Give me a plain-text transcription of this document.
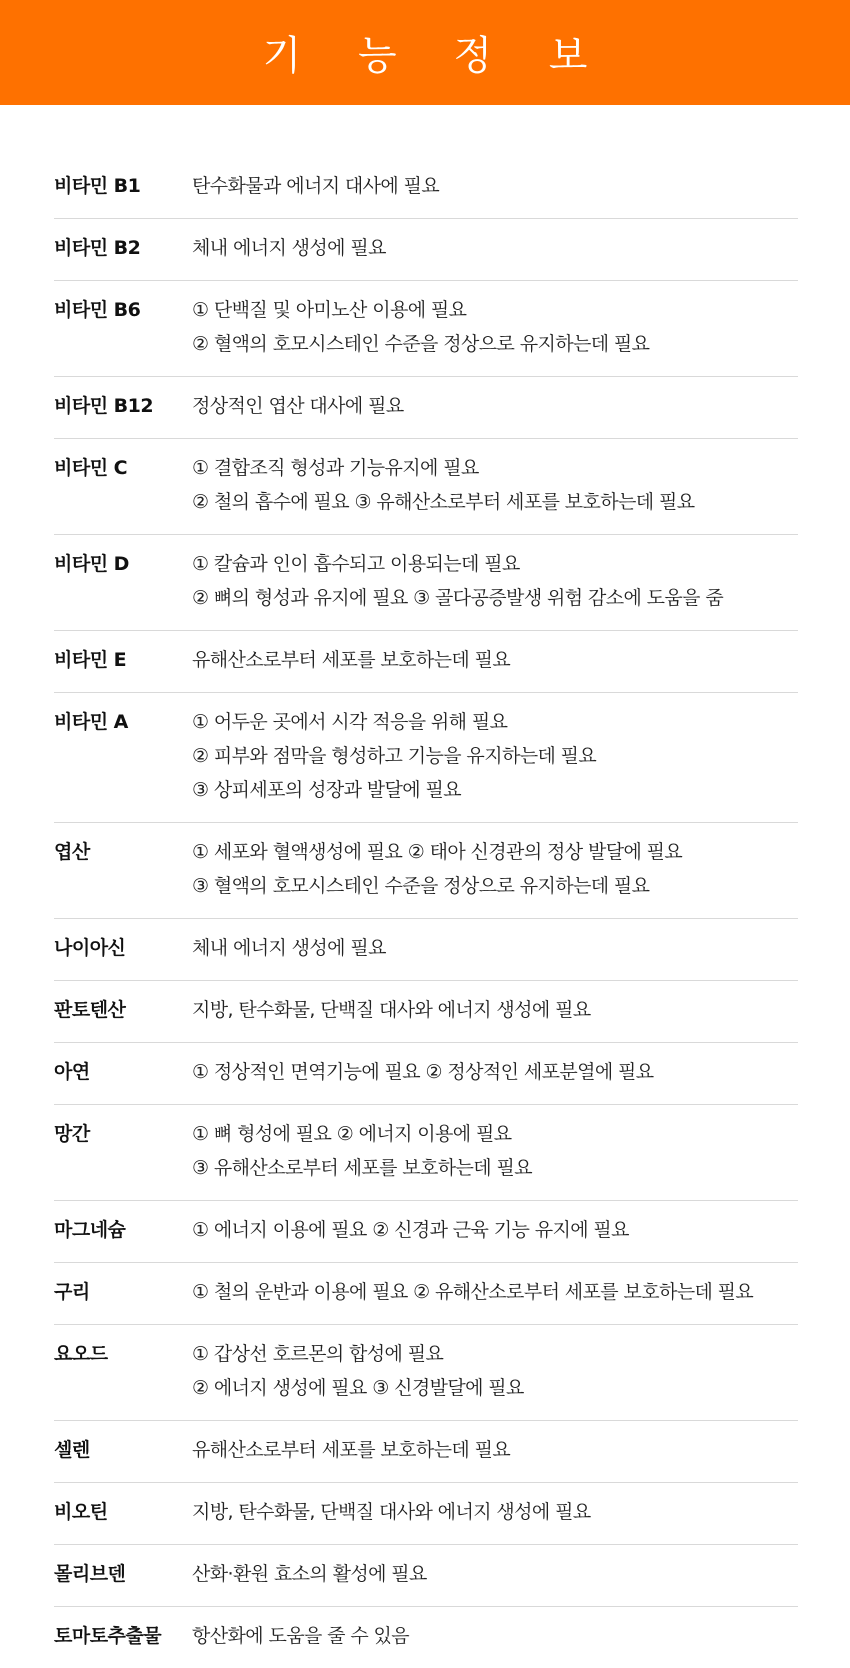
기 능 정 보
비타민 B1	탄수화물과 에너지 대사에 필요
비타민 B2	체내 에너지 생성에 필요
비타민 B6	① 단백질 및 아미노산 이용에 필요
② 혈액의 호모시스테인 수준을 정상으로 유지하는데 필요
비타민 B12	정상적인 엽산 대사에 필요
비타민 C	① 결합조직 형성과 기능유지에 필요
② 철의 흡수에 필요 ③ 유해산소로부터 세포를 보호하는데 필요
비타민 D	① 칼슘과 인이 흡수되고 이용되는데 필요
② 뼈의 형성과 유지에 필요 ③ 골다공증발생 위험 감소에 도움을 줌
비타민 E	유해산소로부터 세포를 보호하는데 필요
비타민 A	① 어두운 곳에서 시각 적응을 위해 필요
② 피부와 점막을 형성하고 기능을 유지하는데 필요
③ 상피세포의 성장과 발달에 필요
엽산	① 세포와 혈액생성에 필요 ② 태아 신경관의 정상 발달에 필요
③ 혈액의 호모시스테인 수준을 정상으로 유지하는데 필요
나이아신	체내 에너지 생성에 필요
판토텐산	지방, 탄수화물, 단백질 대사와 에너지 생성에 필요
아연	① 정상적인 면역기능에 필요 ② 정상적인 세포분열에 필요
망간	① 뼈 형성에 필요 ② 에너지 이용에 필요
③ 유해산소로부터 세포를 보호하는데 필요
마그네슘	① 에너지 이용에 필요 ② 신경과 근육 기능 유지에 필요
구리	① 철의 운반과 이용에 필요 ② 유해산소로부터 세포를 보호하는데 필요
요오드	① 갑상선 호르몬의 합성에 필요
② 에너지 생성에 필요 ③ 신경발달에 필요
셀렌	유해산소로부터 세포를 보호하는데 필요
비오틴	지방, 탄수화물, 단백질 대사와 에너지 생성에 필요
몰리브덴	산화·환원 효소의 활성에 필요
토마토추출물	항산화에 도움을 줄 수 있음
